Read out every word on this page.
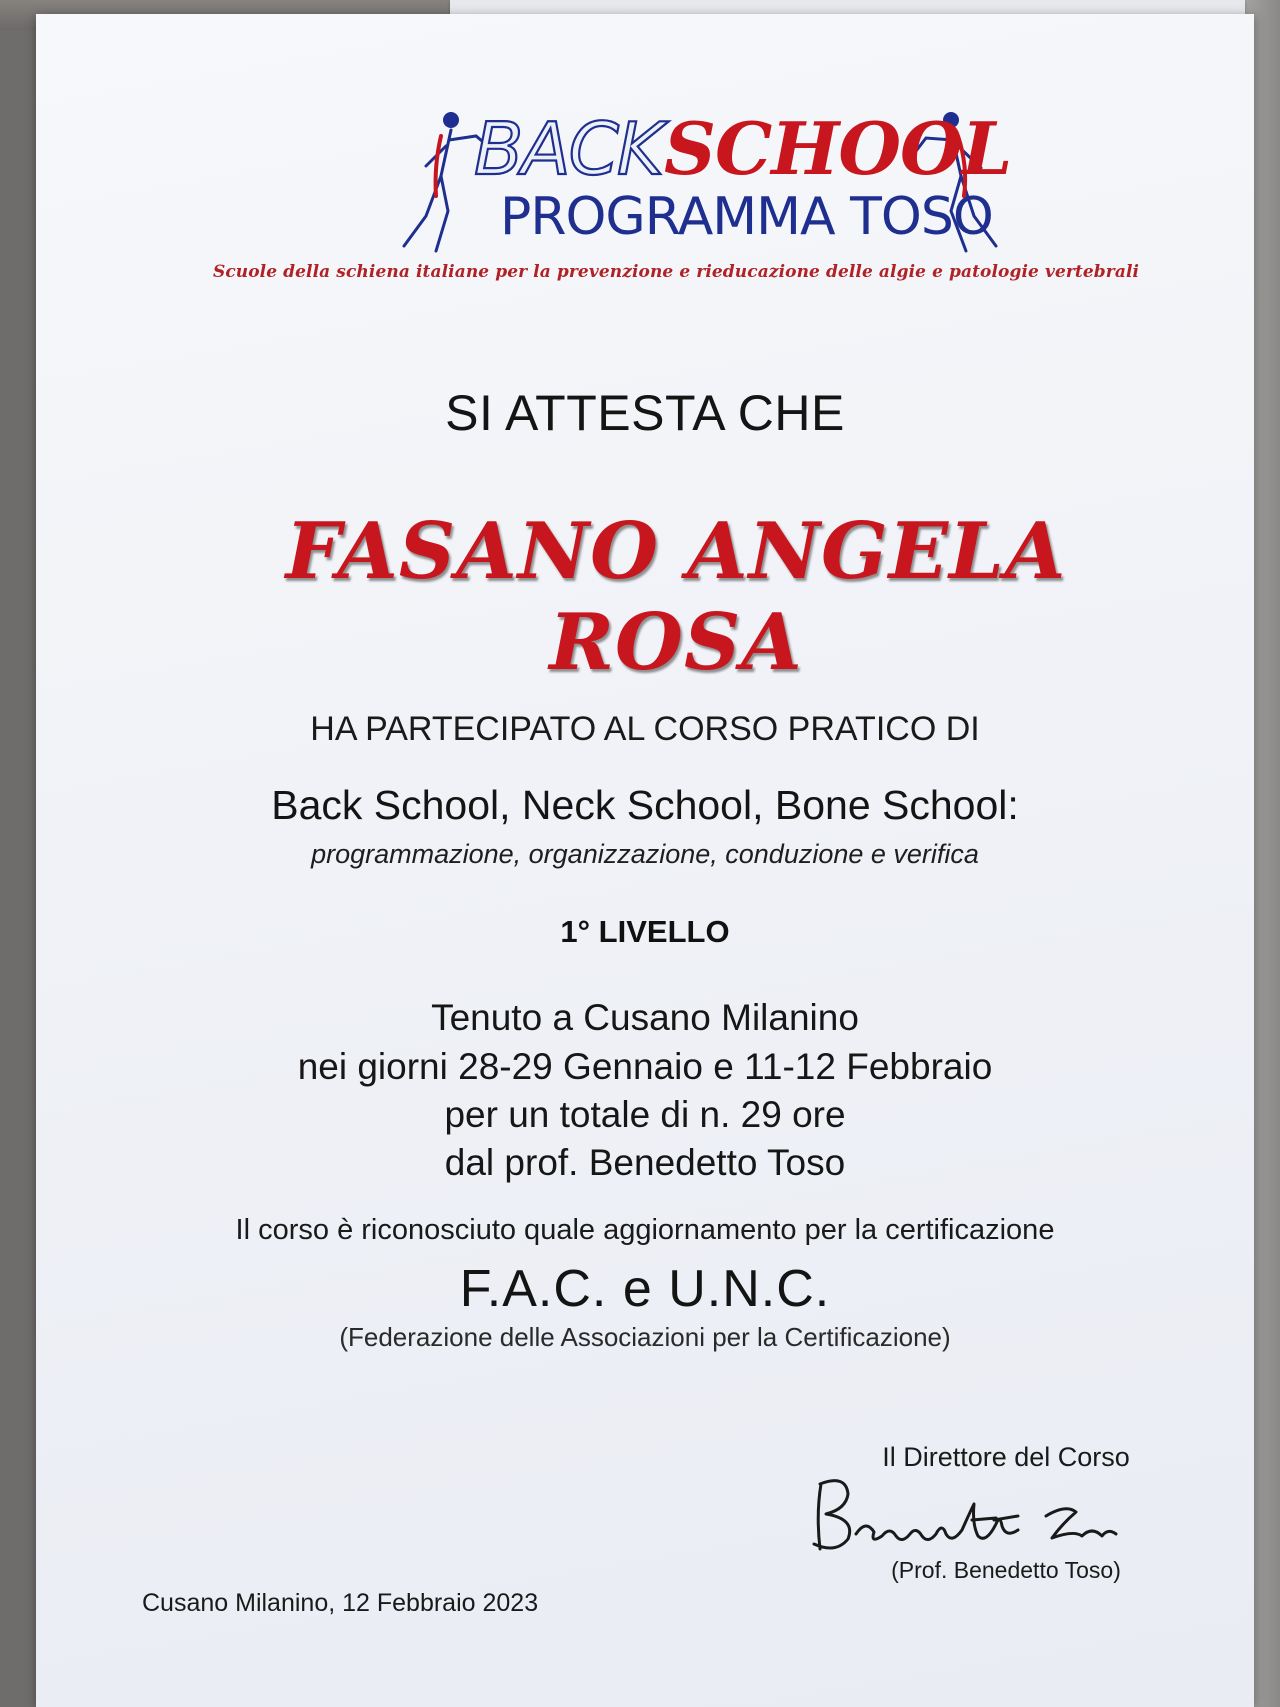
BACK SCHOOL
PROGRAMMA TOSO
Scuole della schiena italiane per la prevenzione e rieducazione delle algie e patologie vertebrali
SI ATTESTA CHE
FASANO ANGELA ROSA
HA PARTECIPATO AL CORSO PRATICO DI
Back School, Neck School, Bone School:
programmazione, organizzazione, conduzione e verifica
1° LIVELLO
Tenuto a Cusano Milanino
nei giorni 28-29 Gennaio e 11-12 Febbraio
per un totale di n. 29 ore
dal prof. Benedetto Toso
Il corso è riconosciuto quale aggiornamento per la certificazione
F.A.C. e U.N.C.
(Federazione delle Associazioni per la Certificazione)
Il Direttore del Corso
(Prof. Benedetto Toso)
Cusano Milanino, 12 Febbraio 2023
